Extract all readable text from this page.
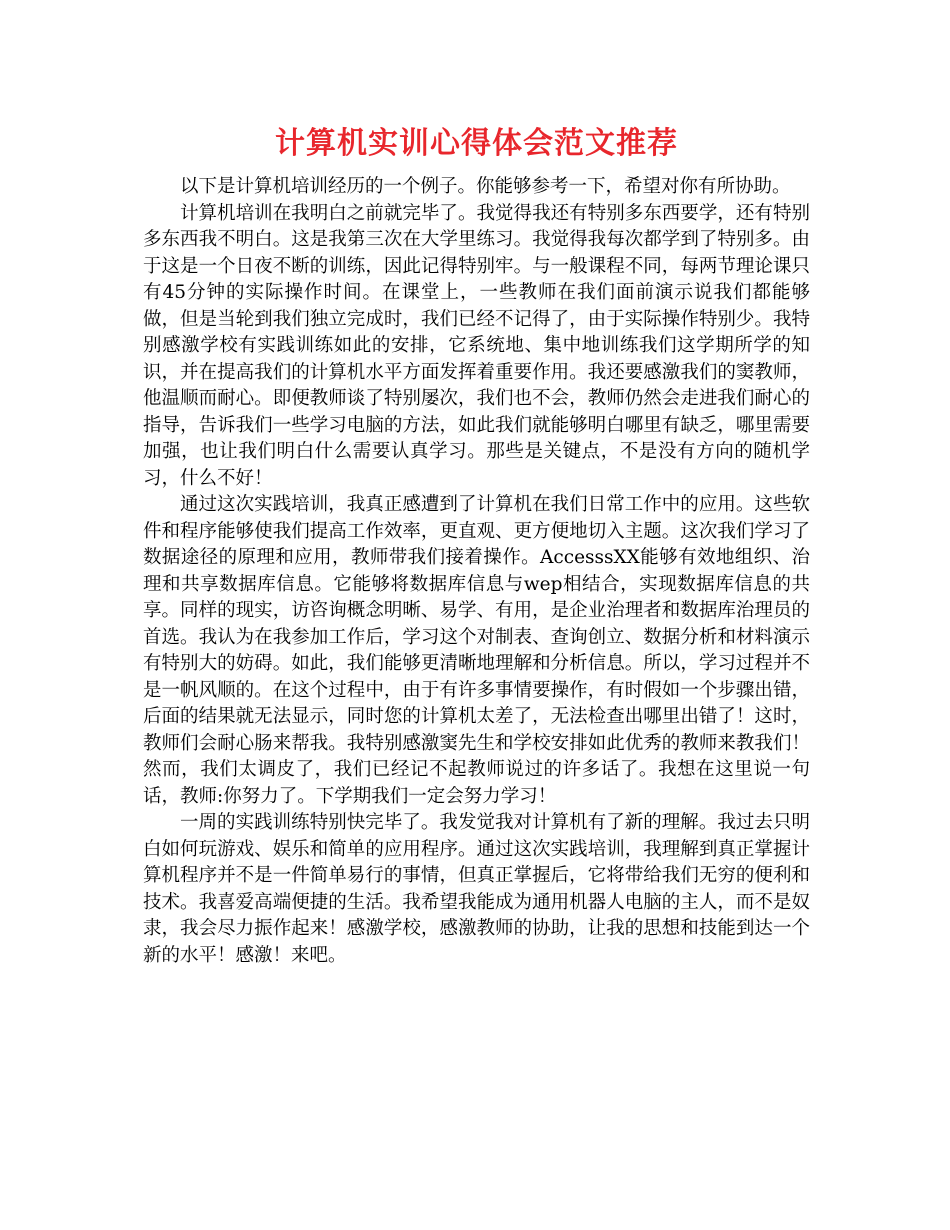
计算机实训心得体会范文推荐

以下是计算机培训经历的一个例子。你能够参考一下，希望对你有所协助。

计算机培训在我明白之前就完毕了。我觉得我还有特别多东西要学，还有特别多东西我不明白。这是我第三次在大学里练习。我觉得我每次都学到了特别多。由于这是一个日夜不断的训练，因此记得特别牢。与一般课程不同，每两节理论课只有45分钟的实际操作时间。在课堂上，一些教师在我们面前演示说我们都能够做，但是当轮到我们独立完成时，我们已经不记得了，由于实际操作特别少。我特别感激学校有实践训练如此的安排，它系统地、集中地训练我们这学期所学的知识，并在提高我们的计算机水平方面发挥着重要作用。我还要感激我们的窦教师，他温顺而耐心。即便教师谈了特别屡次，我们也不会，教师仍然会走进我们耐心的指导，告诉我们一些学习电脑的方法，如此我们就能够明白哪里有缺乏，哪里需要加强，也让我们明白什么需要认真学习。那些是关键点，不是没有方向的随机学习，什么不好！

通过这次实践培训，我真正感遭到了计算机在我们日常工作中的应用。这些软件和程序能够使我们提高工作效率，更直观、更方便地切入主题。这次我们学习了数据途径的原理和应用，教师带我们接着操作。AccesssXX能够有效地组织、治理和共享数据库信息。它能够将数据库信息与wep相结合，实现数据库信息的共享。同样的现实，访咨询概念明晰、易学、有用，是企业治理者和数据库治理员的首选。我认为在我参加工作后，学习这个对制表、查询创立、数据分析和材料演示有特别大的妨碍。如此，我们能够更清晰地理解和分析信息。所以，学习过程并不是一帆风顺的。在这个过程中，由于有许多事情要操作，有时假如一个步骤出错，后面的结果就无法显示，同时您的计算机太差了，无法检查出哪里出错了！这时，教师们会耐心肠来帮我。我特别感激窦先生和学校安排如此优秀的教师来教我们！然而，我们太调皮了，我们已经记不起教师说过的许多话了。我想在这里说一句话，教师:你努力了。下学期我们一定会努力学习！

一周的实践训练特别快完毕了。我发觉我对计算机有了新的理解。我过去只明白如何玩游戏、娱乐和简单的应用程序。通过这次实践培训，我理解到真正掌握计算机程序并不是一件简单易行的事情，但真正掌握后，它将带给我们无穷的便利和技术。我喜爱高端便捷的生活。我希望我能成为通用机器人电脑的主人，而不是奴隶，我会尽力振作起来！感激学校，感激教师的协助，让我的思想和技能到达一个新的水平！感激！来吧。
